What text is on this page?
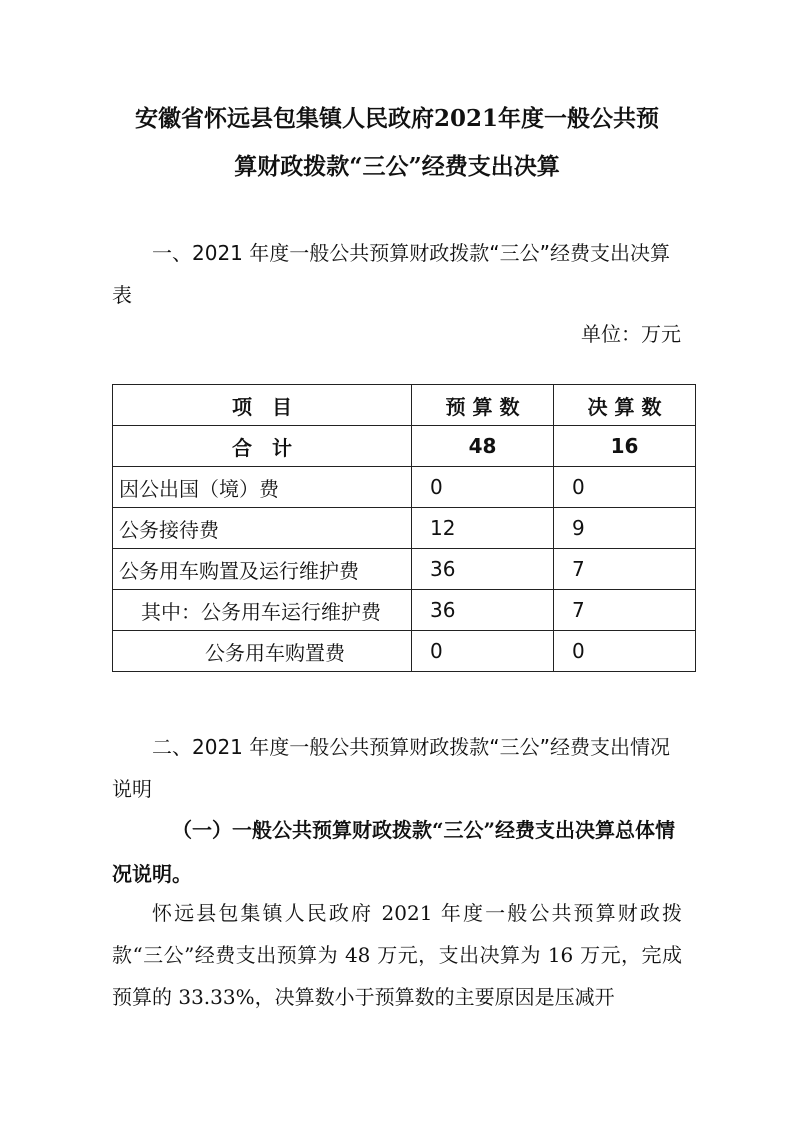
安徽省怀远县包集镇人民政府2021年度一般公共预
算财政拨款“三公”经费支出决算
一、2021 年度一般公共预算财政拨款“三公”经费支出决算表
单位：万元
项　目	预 算 数	决 算 数
合　计	48	16
因公出国（境）费	0	0
公务接待费	12	9
公务用车购置及运行维护费	36	7
其中：公务用车运行维护费	36	7
公务用车购置费	0	0
二、2021 年度一般公共预算财政拨款“三公”经费支出情况说明
（一）一般公共预算财政拨款“三公”经费支出决算总体情况说明。
怀远县包集镇人民政府 2021 年度一般公共预算财政拨款“三公”经费支出预算为 48 万元，支出决算为 16 万元，完成预算的 33.33%，决算数小于预算数的主要原因是压减开
